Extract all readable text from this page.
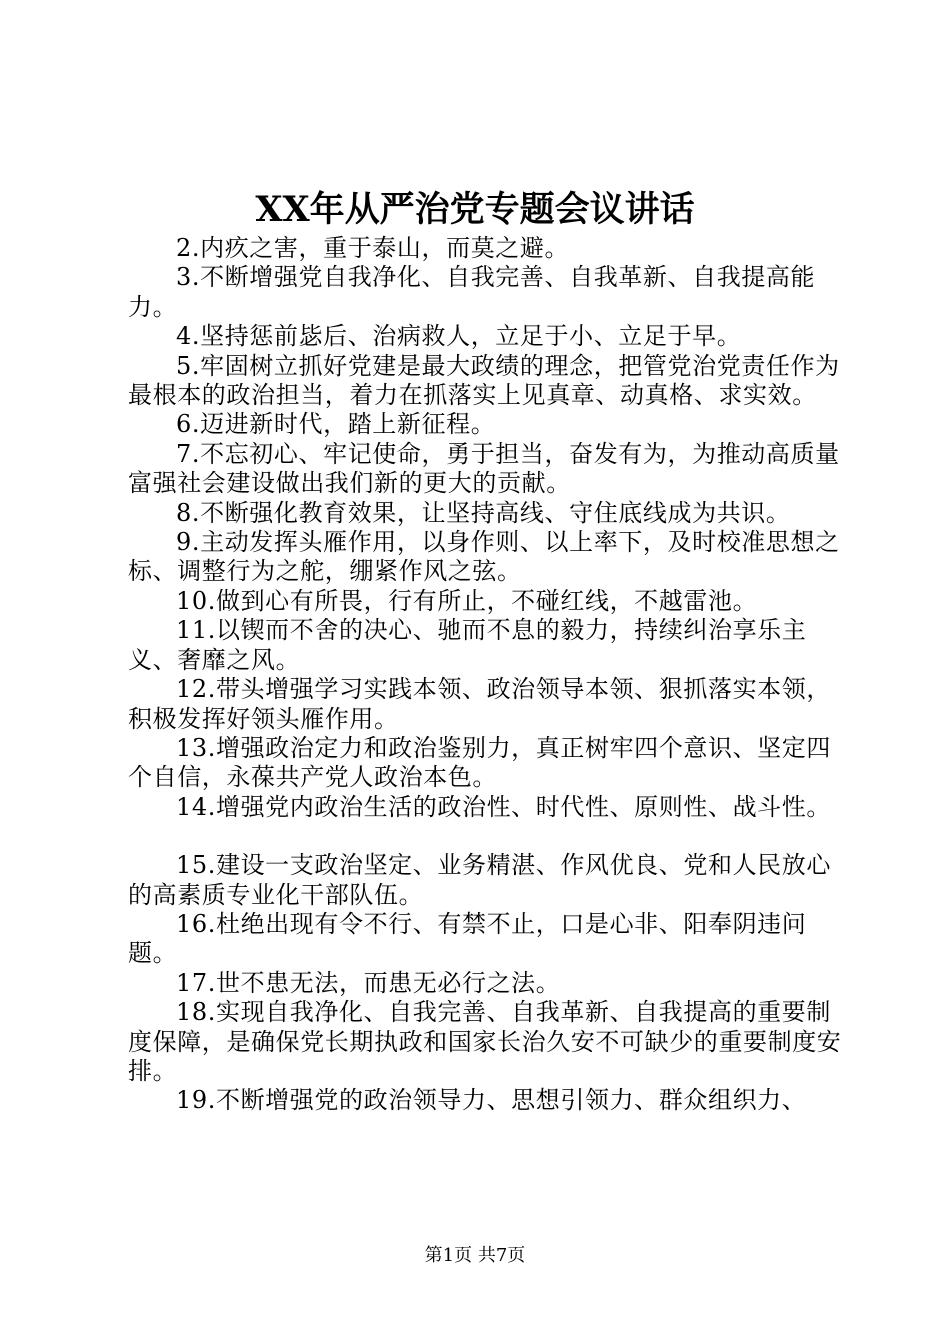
XX年从严治党专题会议讲话

2.内疚之害，重于泰山，而莫之避。

3.不断增强党自我净化、自我完善、自我革新、自我提高能力。

4.坚持惩前毖后、治病救人，立足于小、立足于早。

5.牢固树立抓好党建是最大政绩的理念，把管党治党责任作为最根本的政治担当，着力在抓落实上见真章、动真格、求实效。

6.迈进新时代，踏上新征程。

7.不忘初心、牢记使命，勇于担当，奋发有为，为推动高质量富强社会建设做出我们新的更大的贡献。

8.不断强化教育效果，让坚持高线、守住底线成为共识。

9.主动发挥头雁作用，以身作则、以上率下，及时校准思想之标、调整行为之舵，绷紧作风之弦。

10.做到心有所畏，行有所止，不碰红线，不越雷池。

11.以锲而不舍的决心、驰而不息的毅力，持续纠治享乐主义、奢靡之风。

12.带头增强学习实践本领、政治领导本领、狠抓落实本领，积极发挥好领头雁作用。

13.增强政治定力和政治鉴别力，真正树牢四个意识、坚定四个自信，永葆共产党人政治本色。

14.增强党内政治生活的政治性、时代性、原则性、战斗性。

15.建设一支政治坚定、业务精湛、作风优良、党和人民放心的高素质专业化干部队伍。

16.杜绝出现有令不行、有禁不止，口是心非、阳奉阴违问题。

17.世不患无法，而患无必行之法。

18.实现自我净化、自我完善、自我革新、自我提高的重要制度保障，是确保党长期执政和国家长治久安不可缺少的重要制度安排。

19.不断增强党的政治领导力、思想引领力、群众组织力、

第1页 共7页
